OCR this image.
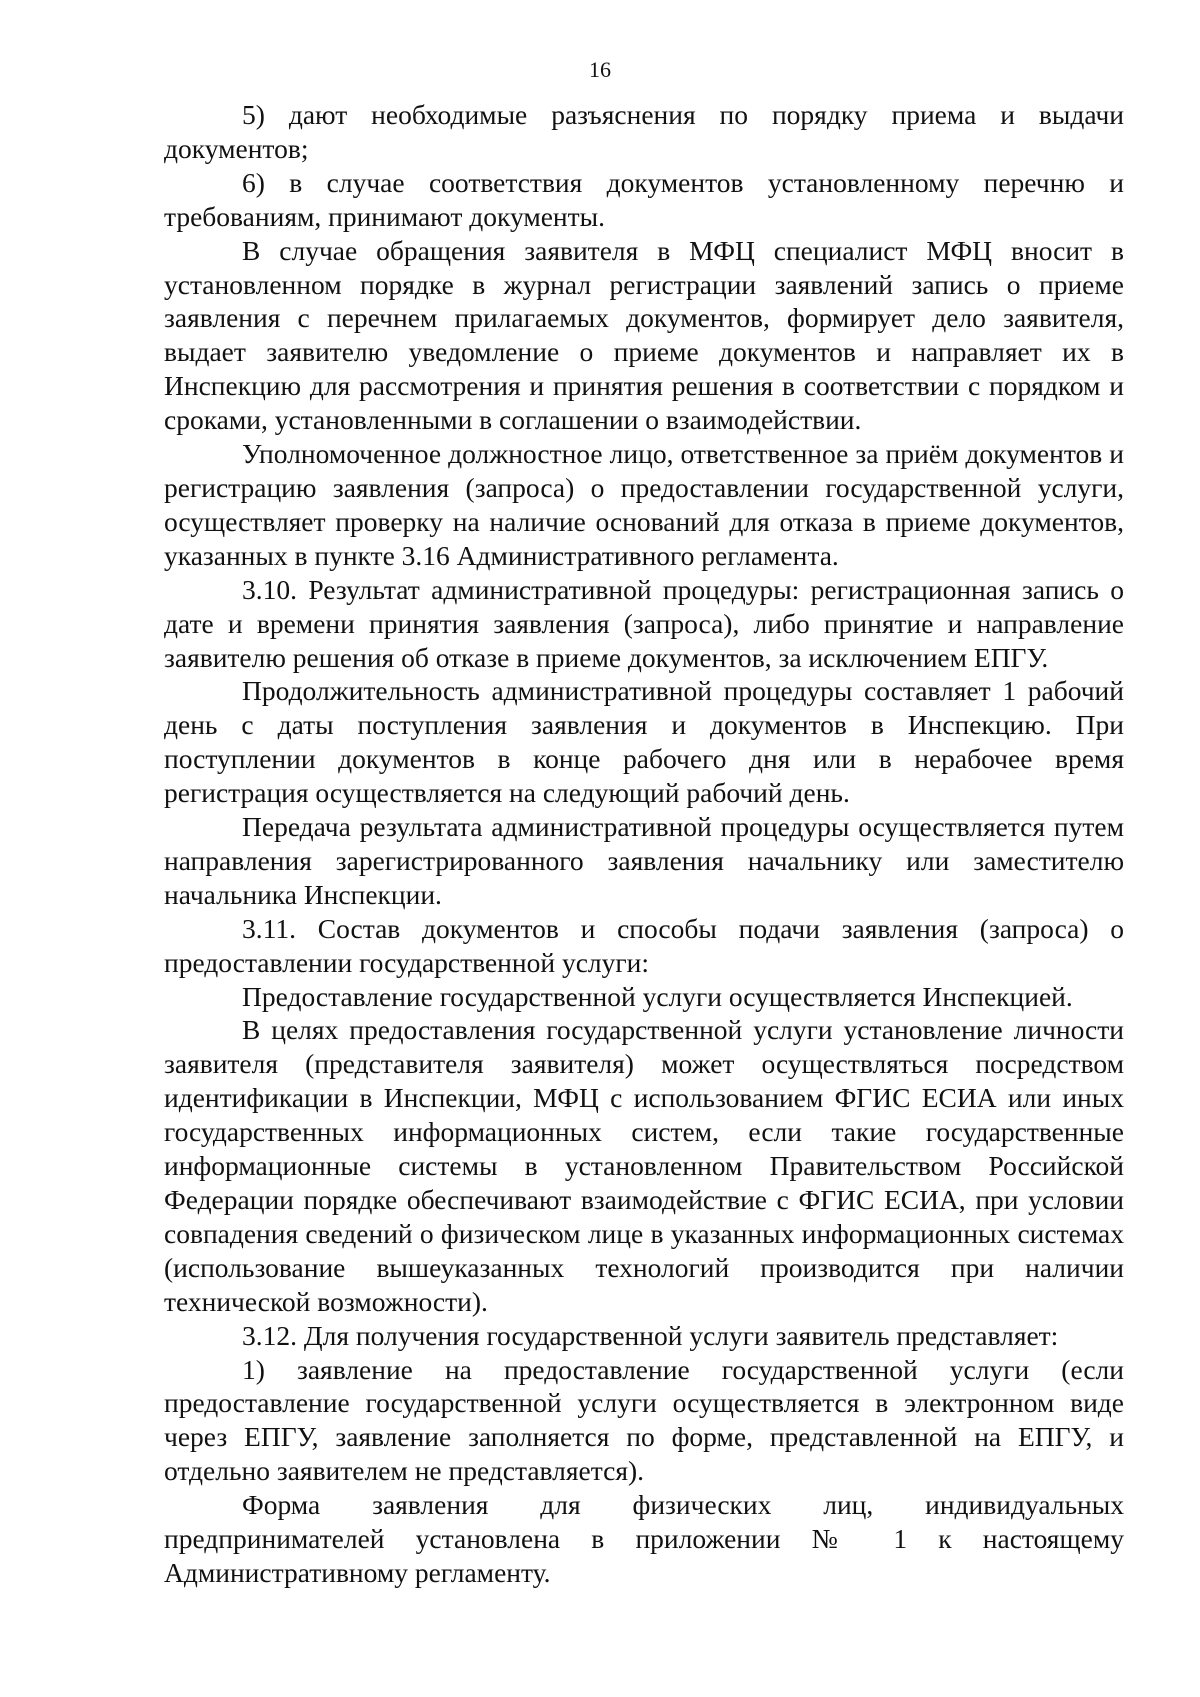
16

5) дают необходимые разъяснения по порядку приема и выдачи документов;

6) в случае соответствия документов установленному перечню и требованиям, принимают документы.

В случае обращения заявителя в МФЦ специалист МФЦ вносит в установленном порядке в журнал регистрации заявлений запись о приеме заявления с перечнем прилагаемых документов, формирует дело заявителя, выдает заявителю уведомление о приеме документов и направляет их в Инспекцию для рассмотрения и принятия решения в соответствии с порядком и сроками, установленными в соглашении о взаимодействии.

Уполномоченное должностное лицо, ответственное за приём документов и регистрацию заявления (запроса) о предоставлении государственной услуги, осуществляет проверку на наличие оснований для отказа в приеме документов, указанных в пункте 3.16 Административного регламента.

3.10. Результат административной процедуры: регистрационная запись о дате и времени принятия заявления (запроса), либо принятие и направление заявителю решения об отказе в приеме документов, за исключением ЕПГУ.

Продолжительность административной процедуры составляет 1 рабочий день с даты поступления заявления и документов в Инспекцию. При поступлении документов в конце рабочего дня или в нерабочее время регистрация осуществляется на следующий рабочий день.

Передача результата административной процедуры осуществляется путем направления зарегистрированного заявления начальнику или заместителю начальника Инспекции.

3.11. Состав документов и способы подачи заявления (запроса) о предоставлении государственной услуги:

Предоставление государственной услуги осуществляется Инспекцией.

В целях предоставления государственной услуги установление личности заявителя (представителя заявителя) может осуществляться посредством идентификации в Инспекции, МФЦ с использованием ФГИС ЕСИА или иных государственных информационных систем, если такие государственные информационные системы в установленном Правительством Российской Федерации порядке обеспечивают взаимодействие с ФГИС ЕСИА, при условии совпадения сведений о физическом лице в указанных информационных системах (использование вышеуказанных технологий производится при наличии технической возможности).

3.12. Для получения государственной услуги заявитель представляет:

1) заявление на предоставление государственной услуги (если предоставление государственной услуги осуществляется в электронном виде через ЕПГУ, заявление заполняется по форме, представленной на ЕПГУ, и отдельно заявителем не представляется).

Форма заявления для физических лиц, индивидуальных предпринимателей установлена в приложении № 1 к настоящему Административному регламенту.
